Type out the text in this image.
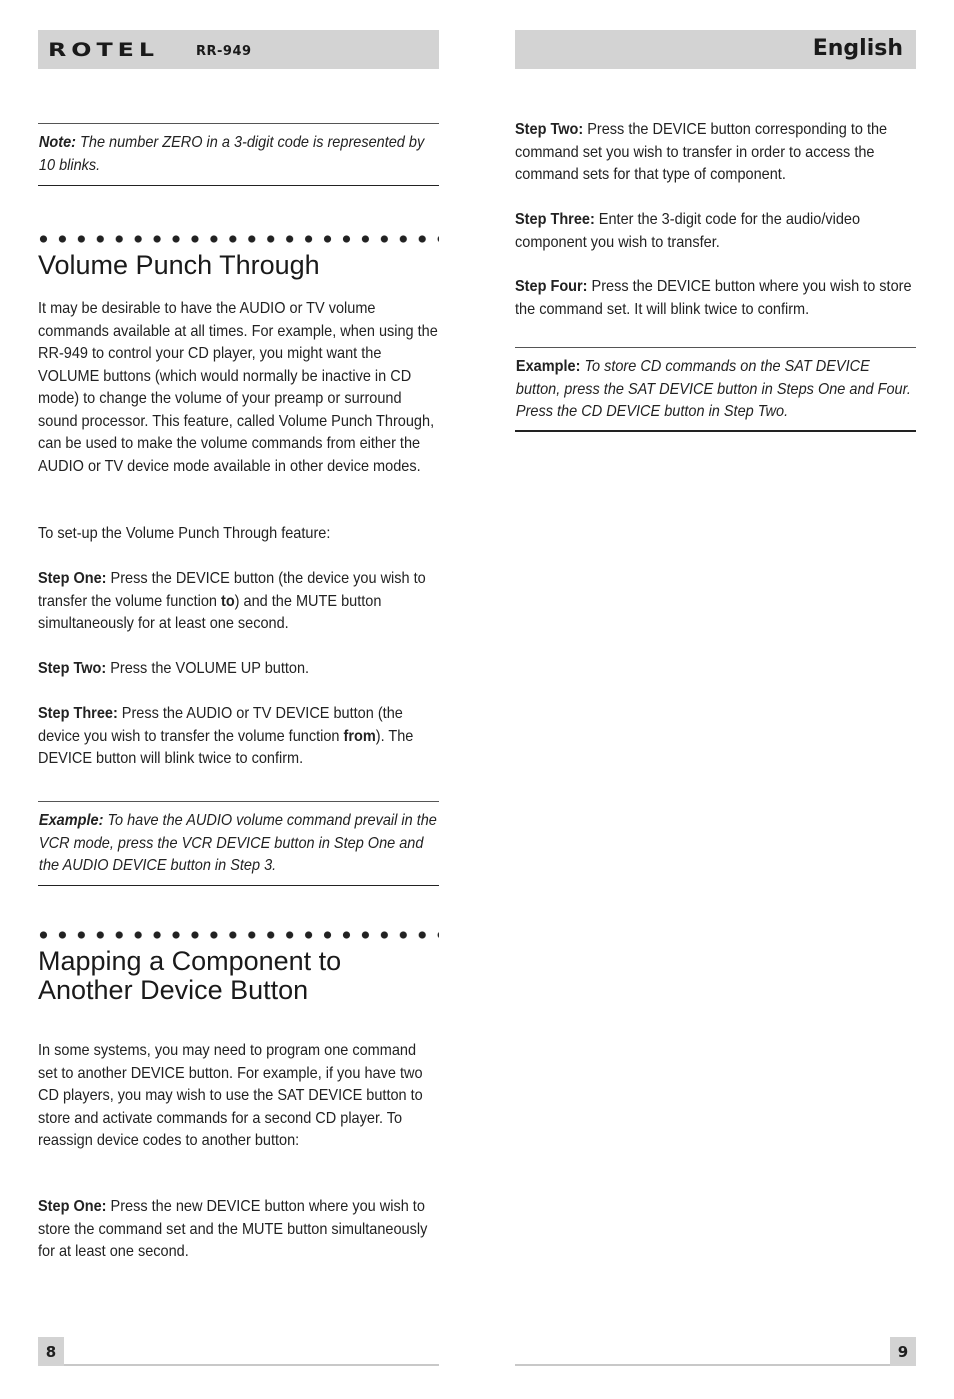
ROTEL	RR-949	English
Note: The number ZERO in a 3-digit code is represented by 10 blinks.
Volume Punch Through

It may be desirable to have the AUDIO or TV volume commands available at all times. For example, when using the RR-949 to control your CD player, you might want the VOLUME buttons (which would normally be inactive in CD mode) to change the volume of your preamp or surround sound processor. This feature, called Volume Punch Through, can be used to make the volume commands from either the AUDIO or TV device mode available in other device modes.

To set-up the Volume Punch Through feature:

Step One: Press the DEVICE button (the device you wish to transfer the volume function to) and the MUTE button simultaneously for at least one second.

Step Two: Press the VOLUME UP button.

Step Three: Press the AUDIO or TV DEVICE button (the device you wish to transfer the volume function from). The DEVICE button will blink twice to confirm.

Example: To have the AUDIO volume command prevail in the VCR mode, press the VCR DEVICE button in Step One and the AUDIO DEVICE button in Step 3.
Mapping a Component to
Another Device Button

In some systems, you may need to program one command set to another DEVICE button. For example, if you have two CD players, you may wish to use the SAT DEVICE button to store and activate commands for a second CD player. To reassign device codes to another button:

Step One: Press the new DEVICE button where you wish to store the command set and the MUTE button simultaneously for at least one second.

Step Two: Press the DEVICE button corresponding to the command set you wish to transfer in order to access the command sets for that type of component.

Step Three: Enter the 3-digit code for the audio/video component you wish to transfer.

Step Four: Press the DEVICE button where you wish to store the command set. It will blink twice to confirm.

Example: To store CD commands on the SAT DEVICE button, press the SAT DEVICE button in Steps One and Four. Press the CD DEVICE button in Step Two.
8	9
